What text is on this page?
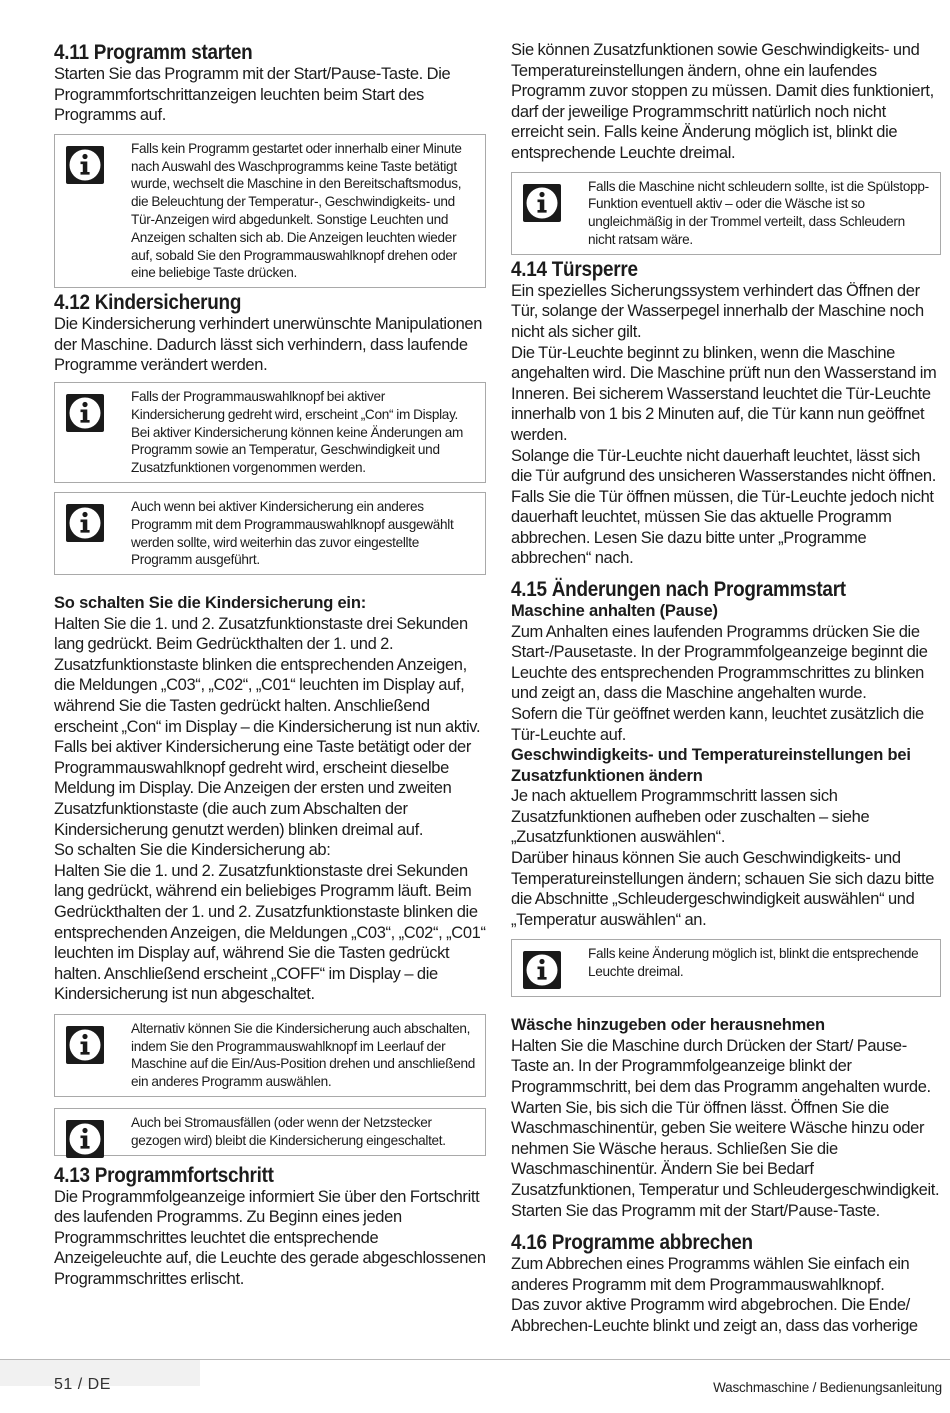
4.11 Programm starten

Starten Sie das Programm mit der Start/Pause-Taste. Die Programmfortschrittanzeigen leuchten beim Start des Programms auf.

Falls kein Programm gestartet oder innerhalb einer Minute nach Auswahl des Waschprogramms keine Taste betätigt wurde, wechselt die Maschine in den Bereitschaftsmodus, die Beleuchtung der Temperatur-, Geschwindigkeits- und Tür-Anzeigen wird abgedunkelt. Sonstige Leuchten und Anzeigen schalten sich ab. Die Anzeigen leuchten wieder auf, sobald Sie den Programmauswahlknopf drehen oder eine beliebige Taste drücken.

4.12 Kindersicherung

Die Kindersicherung verhindert unerwünschte Manipulationen der Maschine. Dadurch lässt sich verhindern, dass laufende Programme verändert werden.

Falls der Programmauswahlknopf bei aktiver Kindersicherung gedreht wird, erscheint „Con“ im Display. Bei aktiver Kindersicherung können keine Änderungen am Programm sowie an Temperatur, Geschwindigkeit und Zusatzfunktionen vorgenommen werden.

Auch wenn bei aktiver Kindersicherung ein anderes Programm mit dem Programmauswahlknopf ausgewählt werden sollte, wird weiterhin das zuvor eingestellte Programm ausgeführt.

So schalten Sie die Kindersicherung ein:

Halten Sie die 1. und 2. Zusatzfunktionstaste drei Sekunden lang gedrückt. Beim Gedrückthalten der 1. und 2. Zusatzfunktionstaste blinken die entsprechenden Anzeigen, die Meldungen „C03“, „C02“, „C01“ leuchten im Display auf, während Sie die Tasten gedrückt halten. Anschließend erscheint „Con“ im Display – die Kindersicherung ist nun aktiv. Falls bei aktiver Kindersicherung eine Taste betätigt oder der Programmauswahlknopf gedreht wird, erscheint dieselbe Meldung im Display. Die Anzeigen der ersten und zweiten Zusatzfunktionstaste (die auch zum Abschalten der Kindersicherung genutzt werden) blinken dreimal auf.

So schalten Sie die Kindersicherung ab:

Halten Sie die 1. und 2. Zusatzfunktionstaste drei Sekunden lang gedrückt, während ein beliebiges Programm läuft. Beim Gedrückthalten der 1. und 2. Zusatzfunktionstaste blinken die entsprechenden Anzeigen, die Meldungen „C03“, „C02“, „C01“ leuchten im Display auf, während Sie die Tasten gedrückt halten. Anschließend erscheint „COFF“ im Display – die Kindersicherung ist nun abgeschaltet.

Alternativ können Sie die Kindersicherung auch abschalten, indem Sie den Programmauswahlknopf im Leerlauf der Maschine auf die Ein/Aus-Position drehen und anschließend ein anderes Programm auswählen.

Auch bei Stromausfällen (oder wenn der Netzstecker gezogen wird) bleibt die Kindersicherung eingeschaltet.

4.13 Programmfortschritt

Die Programmfolgeanzeige informiert Sie über den Fortschritt des laufenden Programms. Zu Beginn eines jeden Programmschrittes leuchtet die entsprechende Anzeigeleuchte auf, die Leuchte des gerade abgeschlossenen Programmschrittes erlischt.

Sie können Zusatzfunktionen sowie Geschwindigkeits- und Temperatureinstellungen ändern, ohne ein laufendes Programm zuvor stoppen zu müssen. Damit dies funktioniert, darf der jeweilige Programmschritt natürlich noch nicht erreicht sein. Falls keine Änderung möglich ist, blinkt die entsprechende Leuchte dreimal.

Falls die Maschine nicht schleudern sollte, ist die Spülstopp-Funktion eventuell aktiv – oder die Wäsche ist so ungleichmäßig in der Trommel verteilt, dass Schleudern nicht ratsam wäre.

4.14 Türsperre

Ein spezielles Sicherungssystem verhindert das Öffnen der Tür, solange der Wasserpegel innerhalb der Maschine noch nicht als sicher gilt.

Die Tür-Leuchte beginnt zu blinken, wenn die Maschine angehalten wird. Die Maschine prüft nun den Wasserstand im Inneren. Bei sicherem Wasserstand leuchtet die Tür-Leuchte innerhalb von 1 bis 2 Minuten auf, die Tür kann nun geöffnet werden.

Solange die Tür-Leuchte nicht dauerhaft leuchtet, lässt sich die Tür aufgrund des unsicheren Wasserstandes nicht öffnen. Falls Sie die Tür öffnen müssen, die Tür-Leuchte jedoch nicht dauerhaft leuchtet, müssen Sie das aktuelle Programm abbrechen. Lesen Sie dazu bitte unter „Programme abbrechen“ nach.

4.15 Änderungen nach Programmstart
Maschine anhalten (Pause)

Zum Anhalten eines laufenden Programms drücken Sie die Start-/Pausetaste. In der Programmfolgeanzeige beginnt die Leuchte des entsprechenden Programmschrittes zu blinken und zeigt an, dass die Maschine angehalten wurde.

Sofern die Tür geöffnet werden kann, leuchtet zusätzlich die Tür-Leuchte auf.

Geschwindigkeits- und Temperatureinstellungen bei Zusatzfunktionen ändern

Je nach aktuellem Programmschritt lassen sich Zusatzfunktionen aufheben oder zuschalten – siehe „Zusatzfunktionen auswählen“.

Darüber hinaus können Sie auch Geschwindigkeits- und Temperatureinstellungen ändern; schauen Sie sich dazu bitte die Abschnitte „Schleudergeschwindigkeit auswählen“ und „Temperatur auswählen“ an.

Falls keine Änderung möglich ist, blinkt die entsprechende Leuchte dreimal.

Wäsche hinzugeben oder herausnehmen

Halten Sie die Maschine durch Drücken der Start/ Pause-Taste an. In der Programmfolgeanzeige blinkt der Programmschritt, bei dem das Programm angehalten wurde. Warten Sie, bis sich die Tür öffnen lässt. Öffnen Sie die Waschmaschinentür, geben Sie weitere Wäsche hinzu oder nehmen Sie Wäsche heraus. Schließen Sie die Waschmaschinentür. Ändern Sie bei Bedarf Zusatzfunktionen, Temperatur und Schleudergeschwindigkeit. Starten Sie das Programm mit der Start/Pause-Taste.

4.16 Programme abbrechen

Zum Abbrechen eines Programms wählen Sie einfach ein anderes Programm mit dem Programmauswahlknopf.

Das zuvor aktive Programm wird abgebrochen. Die Ende/ Abbrechen-Leuchte blinkt und zeigt an, dass das vorherige

51 / DE	Waschmaschine / Bedienungsanleitung
